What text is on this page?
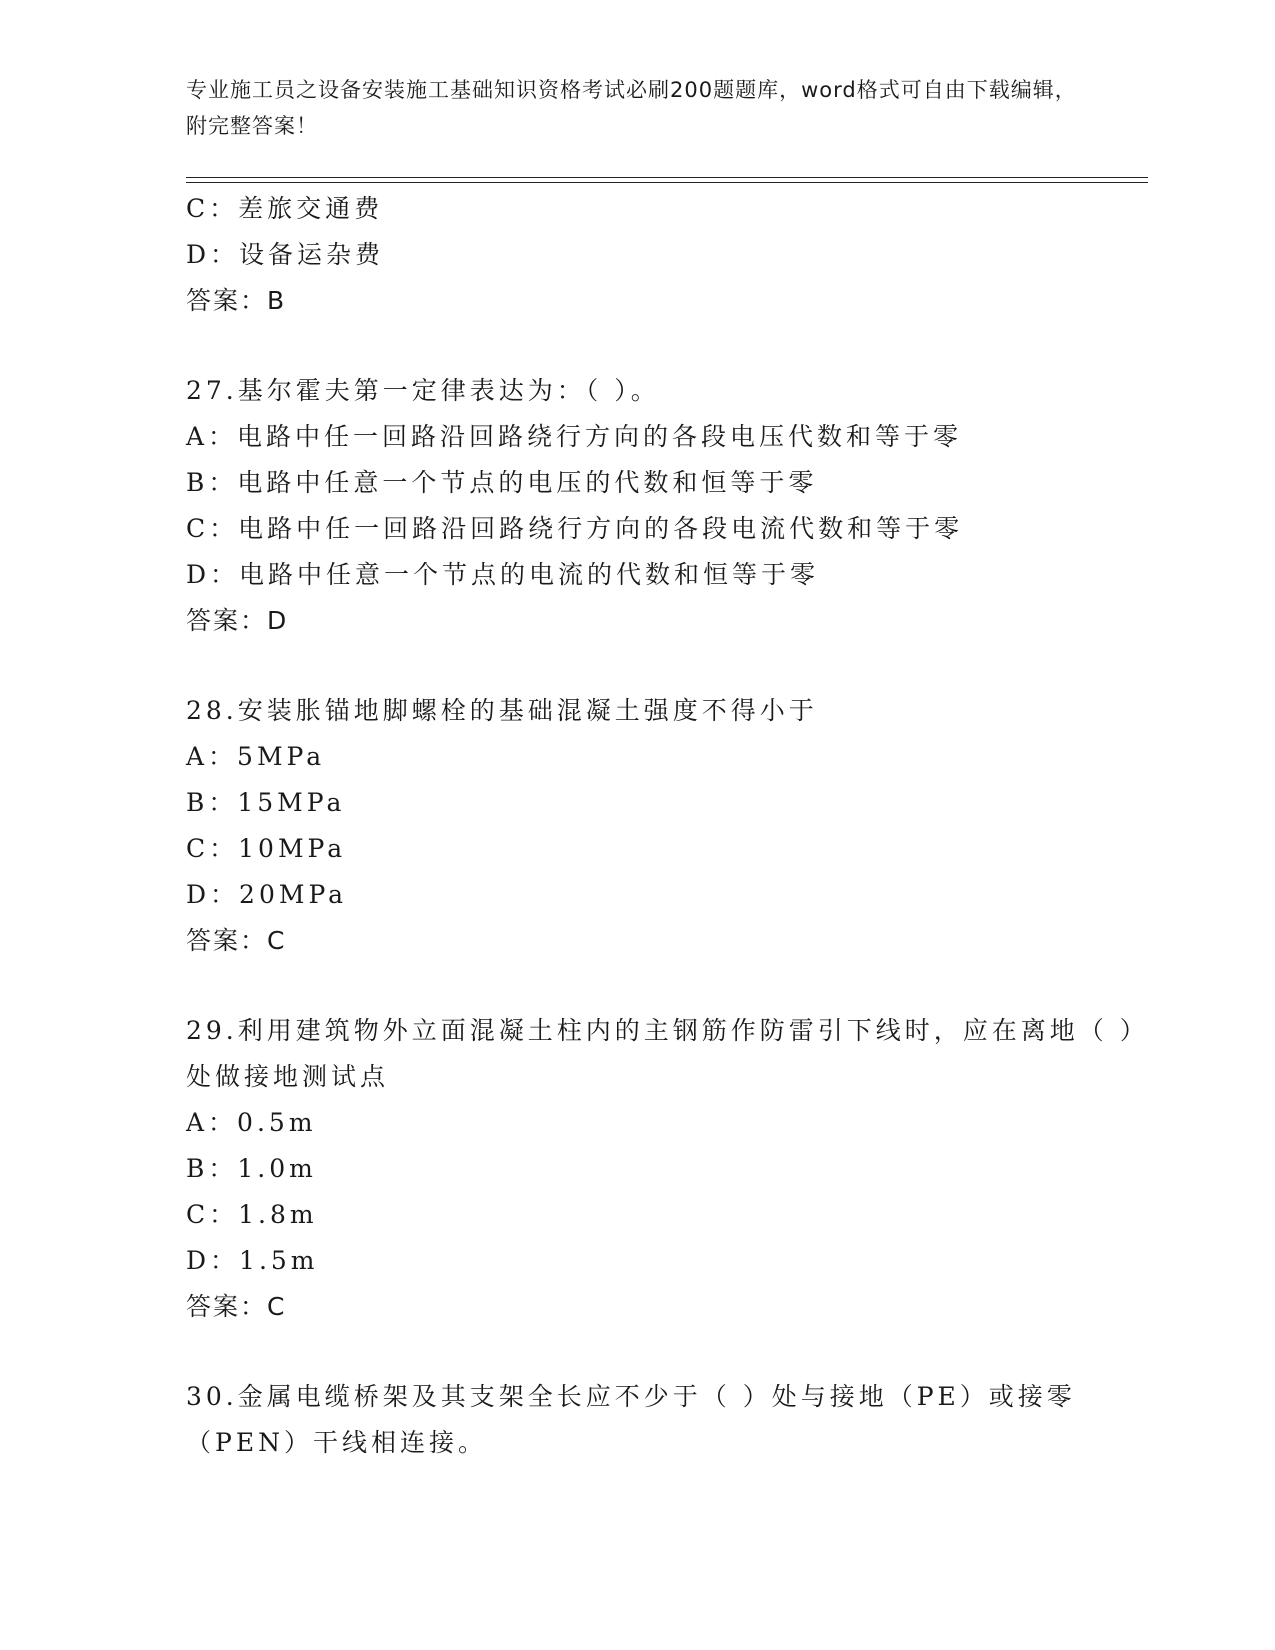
专业施工员之设备安装施工基础知识资格考试必刷200题题库，word格式可自由下载编辑，附完整答案！
C：差旅交通费
D：设备运杂费
答案：B
27.基尔霍夫第一定律表达为：（ ）。
A：电路中任一回路沿回路绕行方向的各段电压代数和等于零
B：电路中任意一个节点的电压的代数和恒等于零
C：电路中任一回路沿回路绕行方向的各段电流代数和等于零
D：电路中任意一个节点的电流的代数和恒等于零
答案：D
28.安装胀锚地脚螺栓的基础混凝土强度不得小于
A：5MPa
B：15MPa
C：10MPa
D：20MPa
答案：C
29.利用建筑物外立面混凝土柱内的主钢筋作防雷引下线时，应在离地（ ）处做接地测试点
A：0.5m
B：1.0m
C：1.8m
D：1.5m
答案：C
30.金属电缆桥架及其支架全长应不少于（ ）处与接地（PE）或接零（PEN）干线相连接。
